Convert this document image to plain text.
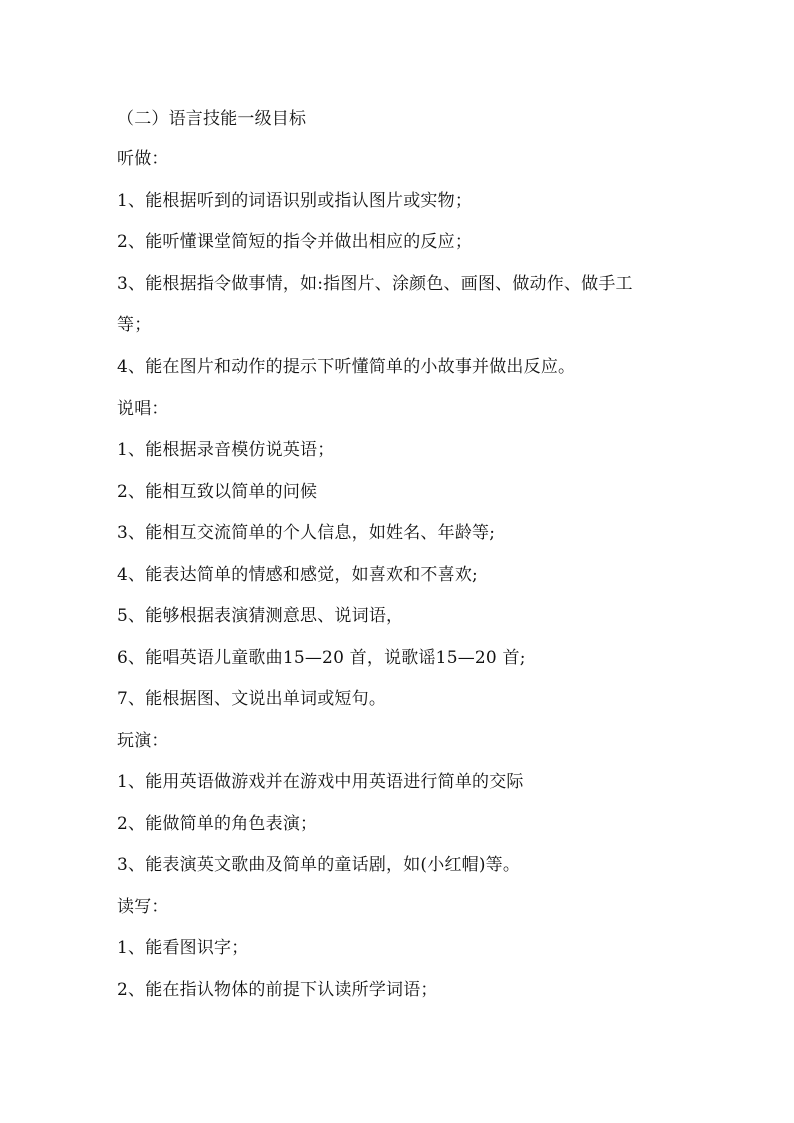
（二）语言技能一级目标
听做：
1、能根据听到的词语识别或指认图片或实物；
2、能听懂课堂简短的指令并做出相应的反应；
3、能根据指令做事情，如:指图片、涂颜色、画图、做动作、做手工
等；
4、能在图片和动作的提示下听懂简单的小故事并做出反应。
说唱：
1、能根据录音模仿说英语；
2、能相互致以简单的问候
3、能相互交流简单的个人信息，如姓名、年龄等;
4、能表达简单的情感和感觉，如喜欢和不喜欢;
5、能够根据表演猜测意思、说词语，
6、能唱英语儿童歌曲15—20 首，说歌谣15—20 首;
7、能根据图、文说出单词或短句。
玩演：
1、能用英语做游戏并在游戏中用英语进行简单的交际
2、能做简单的角色表演；
3、能表演英文歌曲及简单的童话剧，如(小红帽)等。
读写：
1、能看图识字；
2、能在指认物体的前提下认读所学词语；
